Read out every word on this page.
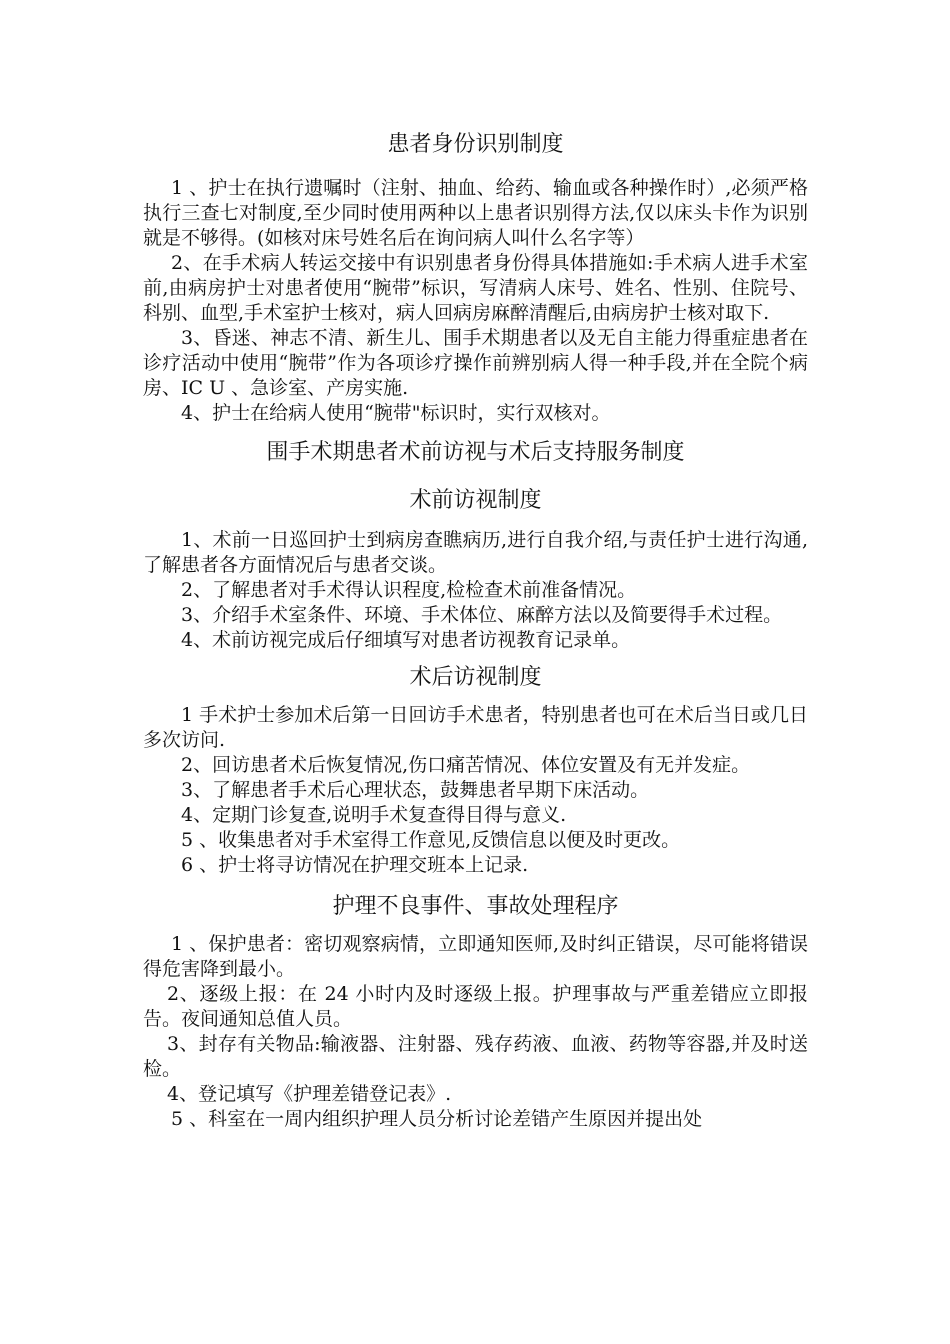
患者身份识别制度

1 、护士在执行遗嘱时（注射、抽血、给药、输血或各种操作时）,必须严格执行三查七对制度,至少同时使用两种以上患者识别得方法,仅以床头卡作为识别就是不够得。(如核对床号姓名后在询问病人叫什么名字等）

2、在手术病人转运交接中有识别患者身份得具体措施如:手术病人进手术室前,由病房护士对患者使用“腕带”标识，写清病人床号、姓名、性别、住院号、科别、血型,手术室护士核对，病人回病房麻醉清醒后,由病房护士核对取下.

3、昏迷、神志不清、新生儿、围手术期患者以及无自主能力得重症患者在诊疗活动中使用“腕带”作为各项诊疗操作前辨别病人得一种手段,并在全院个病房、IC U 、急诊室、产房实施.

4、护士在给病人使用“腕带"标识时，实行双核对。

围手术期患者术前访视与术后支持服务制度
术前访视制度

1、术前一日巡回护士到病房查瞧病历,进行自我介绍,与责任护士进行沟通,了解患者各方面情况后与患者交谈。

2、了解患者对手术得认识程度,检检查术前准备情况。

3、介绍手术室条件、环境、手术体位、麻醉方法以及简要得手术过程。

4、术前访视完成后仔细填写对患者访视教育记录单。

术后访视制度

1 手术护士参加术后第一日回访手术患者，特别患者也可在术后当日或几日多次访问.

2、回访患者术后恢复情况,伤口痛苦情况、体位安置及有无并发症。

3、了解患者手术后心理状态，鼓舞患者早期下床活动。

4、定期门诊复查,说明手术复查得目得与意义.

5 、收集患者对手术室得工作意见,反馈信息以便及时更改。

6 、护士将寻访情况在护理交班本上记录.

护理不良事件、事故处理程序

1 、保护患者：密切观察病情，立即通知医师,及时纠正错误，尽可能将错误得危害降到最小。

2、逐级上报：在 24 小时内及时逐级上报。护理事故与严重差错应立即报告。夜间通知总值人员。

3、封存有关物品:输液器、注射器、残存药液、血液、药物等容器,并及时送检。

4、登记填写《护理差错登记表》.

5 、科室在一周内组织护理人员分析讨论差错产生原因并提出处
